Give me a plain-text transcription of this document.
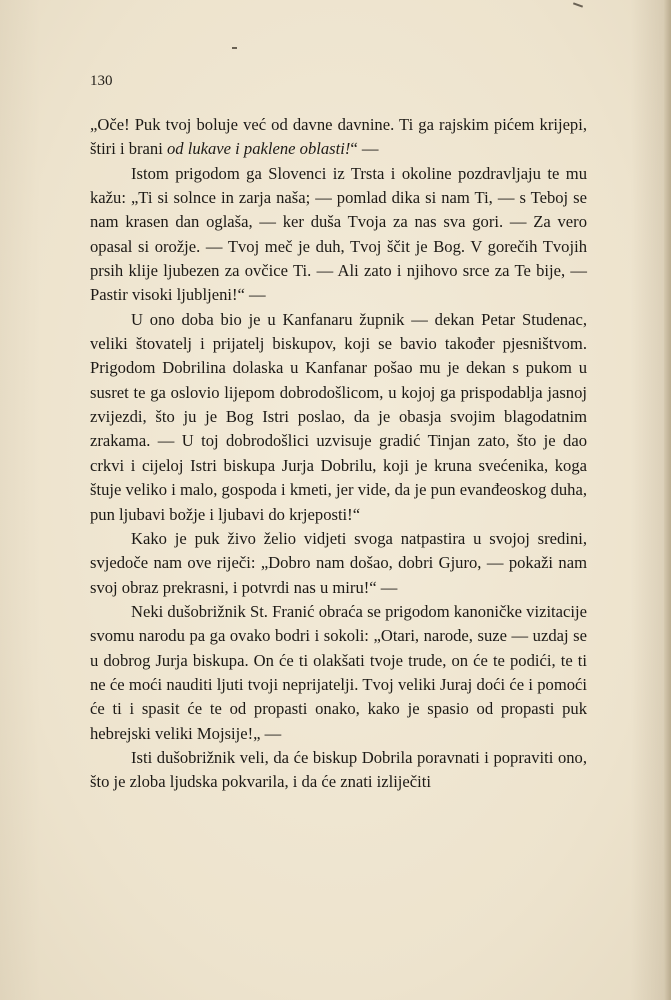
130

„Oče! Puk tvoj boluje već od davne davnine. Ti ga rajskim pićem krijepi, štiri i brani od lukave i paklene oblasti!“ —

Istom prigodom ga Slovenci iz Trsta i okoline pozdravljaju te mu kažu: „Ti si solnce in zarja naša; — pomlad dika si nam Ti, — s Teboj se nam krasen dan oglaša, — ker duša Tvoja za nas sva gori. — Za vero opasal si orožje. — Tvoj meč je duh, Tvoj ščit je Bog. V gorečih Tvojih prsih klije ljubezen za ovčice Ti. — Ali zato i njihovo srce za Te bije, — Pastir visoki ljubljeni!“ —

U ono doba bio je u Kanfanaru župnik — dekan Petar Studenac, veliki štovatelj i prijatelj biskupov, koji se bavio također pjesništvom. Prigodom Dobrilina dolaska u Kanfanar pošao mu je dekan s pukom u susret te ga oslovio lijepom dobrodošlicom, u kojoj ga prispodablja jasnoj zvijezdi, što ju je Bog Istri poslao, da je obasja svojim blagodatnim zrakama. — U toj dobrodošlici uzvisuje gradić Tinjan zato, što je dao crkvi i cijeloj Istri biskupa Jurja Dobrilu, koji je kruna svećenika, koga štuje veliko i malo, gospoda i kmeti, jer vide, da je pun evanđeoskog duha, pun ljubavi božje i ljubavi do krjeposti!“

Kako je puk živo želio vidjeti svoga natpastira u svojoj sredini, svjedoče nam ove riječi: „Dobro nam došao, dobri Gjuro, — pokaži nam svoj obraz prekrasni, i potvrdi nas u miru!“ —

Neki dušobrižnik St. Franić obraća se prigodom kanoničke vizitacije svomu narodu pa ga ovako bodri i sokoli: „Otari, narode, suze — uzdaj se u dobrog Jurja biskupa. On će ti olakšati tvoje trude, on će te podići, te ti ne će moći nauditi ljuti tvoji neprijatelji. Tvoj veliki Juraj doći će i pomoći će ti i spasit će te od propasti onako, kako je spasio od propasti puk hebrejski veliki Mojsije!„ —

Isti dušobrižnik veli, da će biskup Dobrila poravnati i popraviti ono, što je zloba ljudska pokvarila, i da će znati izliječiti
